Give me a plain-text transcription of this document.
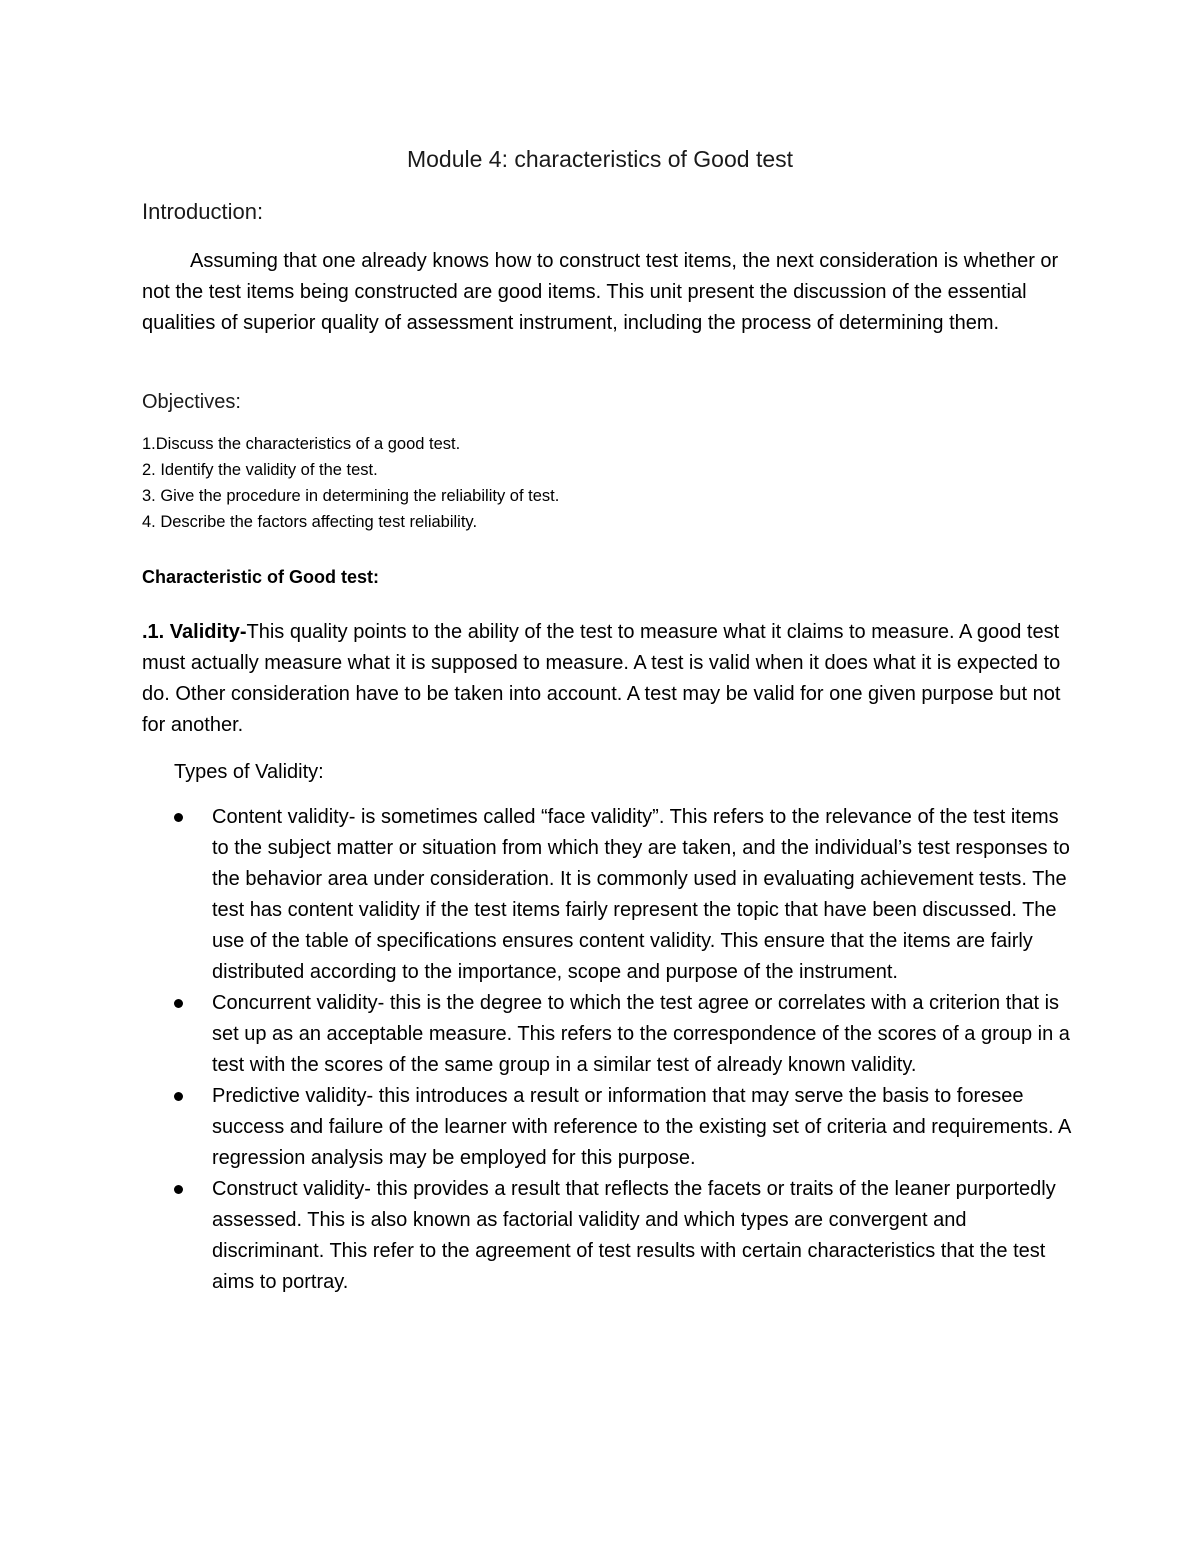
Module 4: characteristics of Good test
Introduction:
Assuming that one already knows how to construct test items, the next consideration is whether or not the test items being constructed are good items. This unit present the discussion of the essential qualities of superior quality of assessment instrument, including the process of determining them.
Objectives:
1.Discuss the characteristics of a good test.
2. Identify the validity of the test.
3. Give the procedure in determining the reliability of test.
4. Describe the factors affecting test reliability.
Characteristic of Good test:
.1. Validity-This quality points to the ability of the test to measure what it claims to measure. A good test must actually measure what it is supposed to measure. A test is valid when it does what it is expected to do. Other consideration have to be taken into account. A test may be valid for one given purpose but not for another.
Types of Validity:
Content validity- is sometimes called “face validity”. This refers to the relevance of the test items to the subject matter or situation from which they are taken, and the individual’s test responses to the behavior area under consideration. It is commonly used in evaluating achievement tests. The test has content validity if the test items fairly represent the topic that have been discussed. The use of the table of specifications ensures content validity. This ensure that the items are fairly distributed according to the importance, scope and purpose of the instrument.
Concurrent validity- this is the degree to which the test agree or correlates with a criterion that is set up as an acceptable measure. This refers to the correspondence of the scores of a group in a test with the scores of the same group in a similar test of already known validity.
Predictive validity- this introduces a result or information that may serve the basis to foresee success and failure of the learner with reference to the existing set of criteria and requirements. A regression analysis may be employed for this purpose.
Construct validity- this provides a result that reflects the facets or traits of the leaner purportedly assessed. This is also known as factorial validity and which types are convergent and discriminant. This refer to the agreement of test results with certain characteristics that the test aims to portray.
